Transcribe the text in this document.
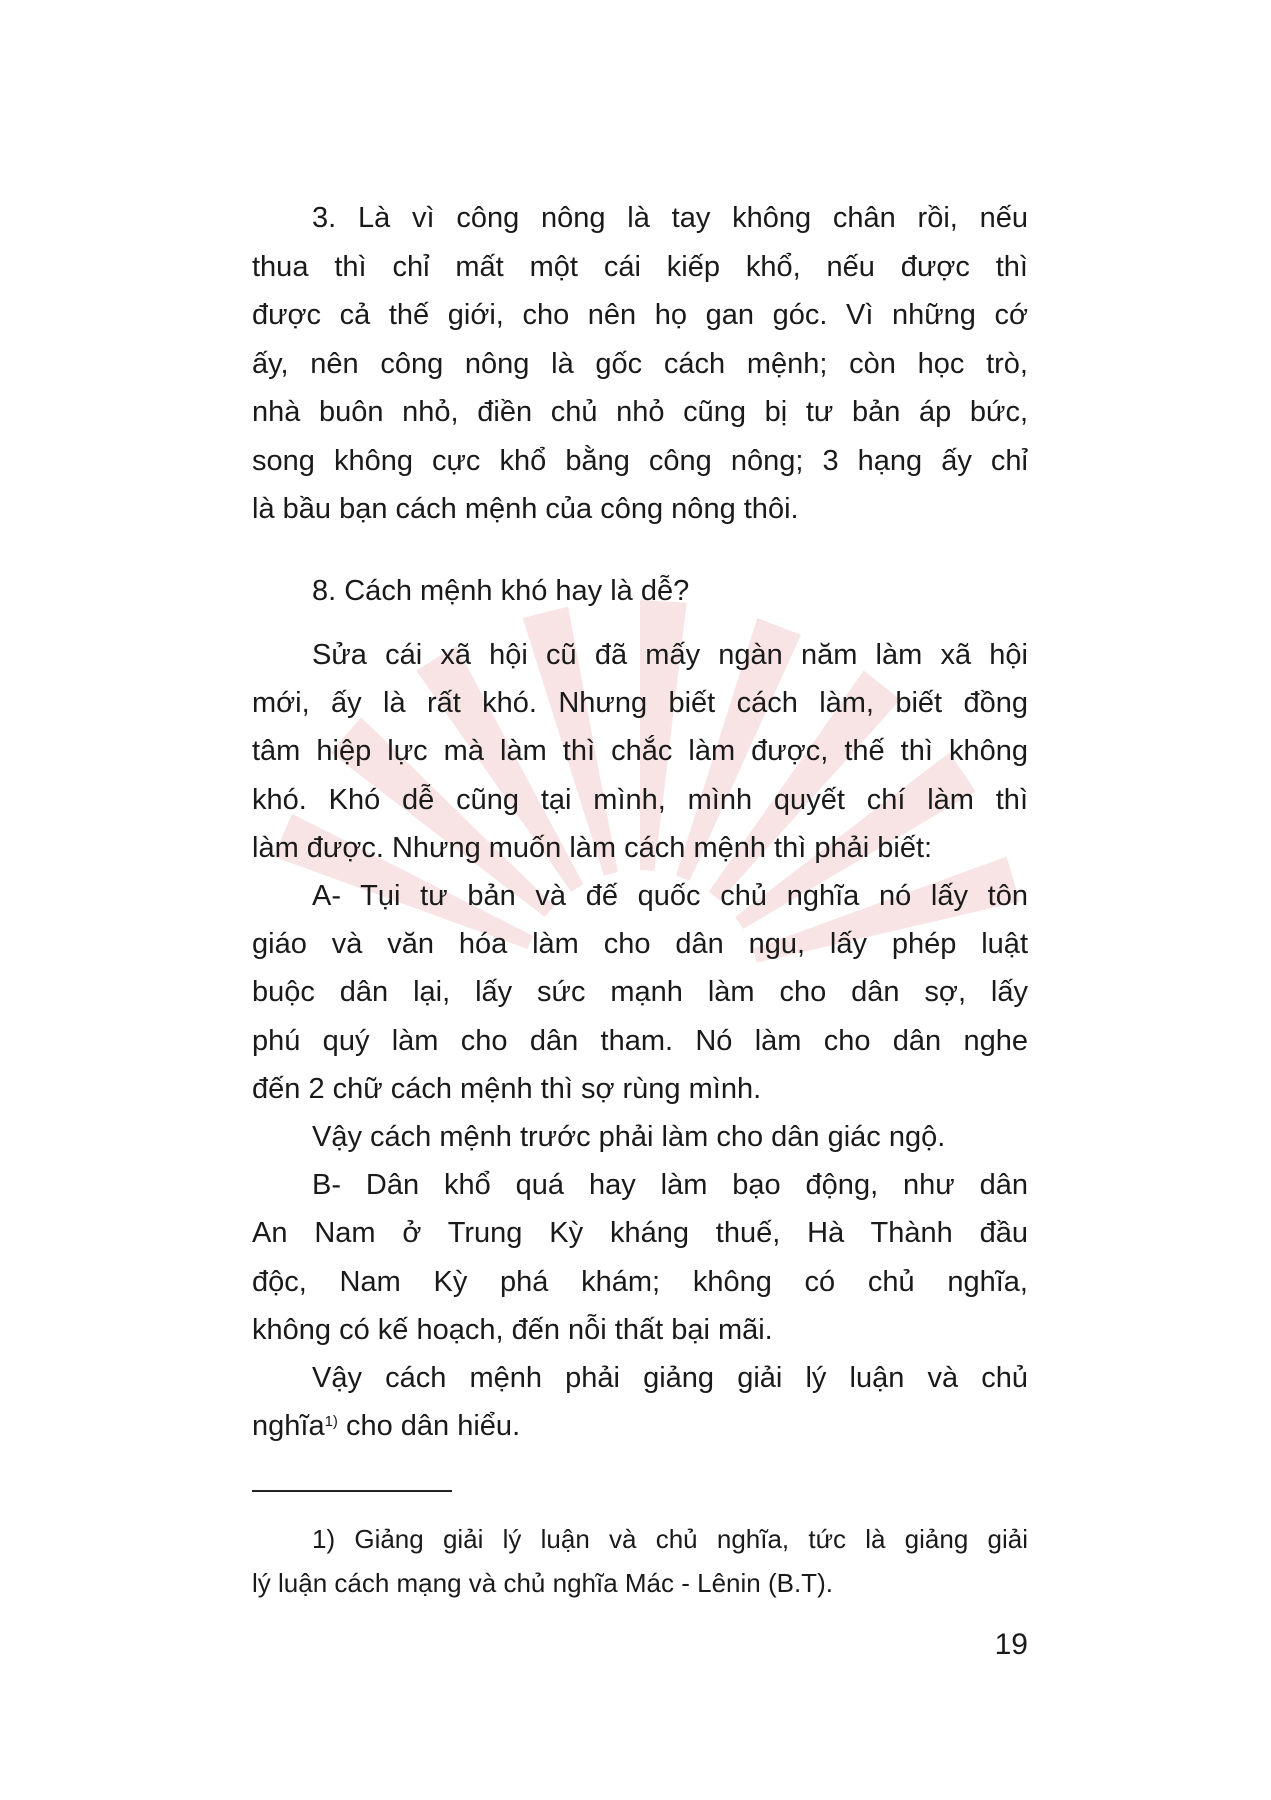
3. Là vì công nông là tay không chân rồi, nếu
thua thì chỉ mất một cái kiếp khổ, nếu được thì
được cả thế giới, cho nên họ gan góc. Vì những cớ
ấy, nên công nông là gốc cách mệnh; còn học trò,
nhà buôn nhỏ, điền chủ nhỏ cũng bị tư bản áp bức,
song không cực khổ bằng công nông; 3 hạng ấy chỉ
là bầu bạn cách mệnh của công nông thôi.
8. Cách mệnh khó hay là dễ?
Sửa cái xã hội cũ đã mấy ngàn năm làm xã hội
mới, ấy là rất khó. Nhưng biết cách làm, biết đồng
tâm hiệp lực mà làm thì chắc làm được, thế thì không
khó. Khó dễ cũng tại mình, mình quyết chí làm thì
làm được. Nhưng muốn làm cách mệnh thì phải biết:
A- Tụi tư bản và đế quốc chủ nghĩa nó lấy tôn
giáo và văn hóa làm cho dân ngu, lấy phép luật
buộc dân lại, lấy sức mạnh làm cho dân sợ, lấy
phú quý làm cho dân tham. Nó làm cho dân nghe
đến 2 chữ cách mệnh thì sợ rùng mình.
Vậy cách mệnh trước phải làm cho dân giác ngộ.
B- Dân khổ quá hay làm bạo động, như dân
An Nam ở Trung Kỳ kháng thuế, Hà Thành đầu
độc, Nam Kỳ phá khám; không có chủ nghĩa,
không có kế hoạch, đến nỗi thất bại mãi.
Vậy cách mệnh phải giảng giải lý luận và chủ
nghĩa$^{1)}$ cho dân hiểu.
1) Giảng giải lý luận và chủ nghĩa, tức là giảng giải
lý luận cách mạng và chủ nghĩa Mác - Lênin (B.T).
19
